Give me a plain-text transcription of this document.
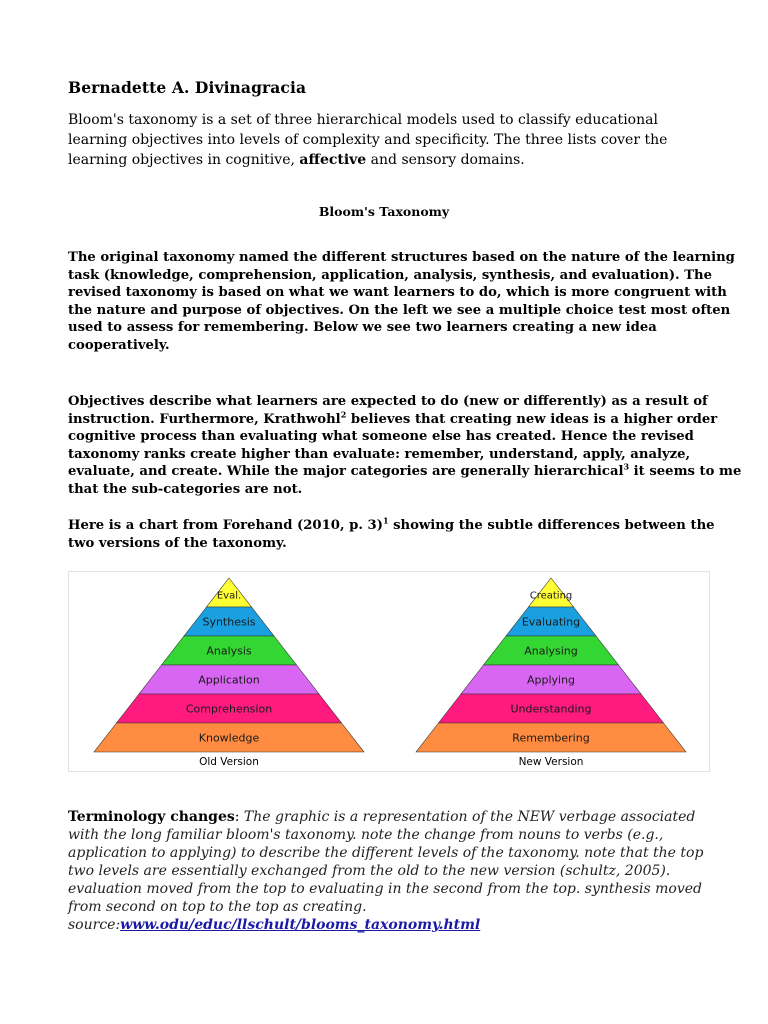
Bernadette A. Divinagracia
Bloom's taxonomy is a set of three hierarchical models used to classify educational
learning objectives into levels of complexity and specificity. The three lists cover the
learning objectives in cognitive, affective and sensory domains.
Bloom's Taxonomy
The original taxonomy named the different structures based on the nature of the learning
task (knowledge, comprehension, application, analysis, synthesis, and evaluation). The
revised taxonomy is based on what we want learners to do, which is more congruent with
the nature and purpose of objectives. On the left we see a multiple choice test most often
used to assess for remembering. Below we see two learners creating a new idea
cooperatively.
Objectives describe what learners are expected to do (new or differently) as a result of
instruction. Furthermore, Krathwohl$^2$ believes that creating new ideas is a higher order
cognitive process than evaluating what someone else has created. Hence the revised
taxonomy ranks create higher than evaluate: remember, understand, apply, analyze,
evaluate, and create. While the major categories are generally hierarchical$^3$ it seems to me
that the sub-categories are not.
Here is a chart from Forehand (2010, p. 3)$^1$ showing the subtle differences between the
two versions of the taxonomy.
Eval.
Synthesis
Analysis
Application
Comprehension
Knowledge
Old Version
Creating
Evaluating
Analysing
Applying
Understanding
Remembering
New Version
Terminology changes: The graphic is a representation of the NEW verbage associated
with the long familiar bloom's taxonomy. note the change from nouns to verbs (e.g.,
application to applying) to describe the different levels of the taxonomy. note that the top
two levels are essentially exchanged from the old to the new version (schultz, 2005).
evaluation moved from the top to evaluating in the second from the top. synthesis moved
from second on top to the top as creating.
source:www.odu/educ/llschult/blooms_taxonomy.html
